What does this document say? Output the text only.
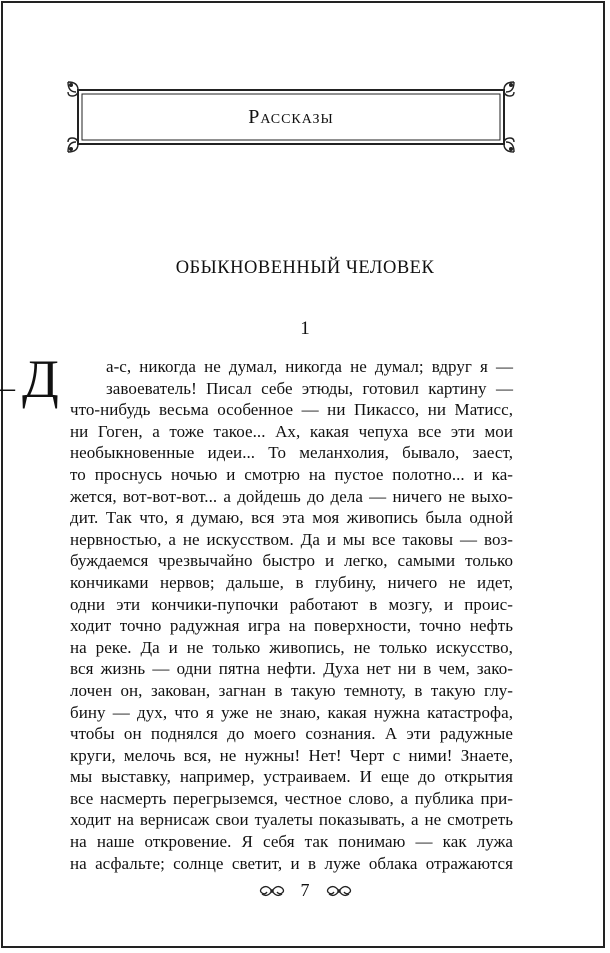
Рассказы
ОБЫКНОВЕННЫЙ ЧЕЛОВЕК
1
– Д	а-с, никогда не думал, никогда не думал; вдруг я —
завоеватель! Писал себе этюды, готовил картину —
что-нибудь весьма особенное — ни Пикассо, ни Матисс,
ни Гоген, а тоже такое... Ах, какая чепуха все эти мои
необыкновенные идеи... То меланхолия, бывало, заест,
то проснусь ночью и смотрю на пустое полотно... и ка-
жется, вот-вот-вот... а дойдешь до дела — ничего не выхо-
дит. Так что, я думаю, вся эта моя живопись была одной
нервностью, а не искусством. Да и мы все таковы — воз-
буждаемся чрезвычайно быстро и легко, самыми только
кончиками нервов; дальше, в глубину, ничего не идет,
одни эти кончики-пупочки работают в мозгу, и проис-
ходит точно радужная игра на поверхности, точно нефть
на реке. Да и не только живопись, не только искусство,
вся жизнь — одни пятна нефти. Духа нет ни в чем, зако-
лочен он, закован, загнан в такую темноту, в такую глу-
бину — дух, что я уже не знаю, какая нужна катастрофа,
чтобы он поднялся до моего сознания. А эти радужные
круги, мелочь вся, не нужны! Нет! Черт с ними! Знаете,
мы выставку, например, устраиваем. И еще до открытия
все насмерть перегрыземся, честное слово, а публика при-
ходит на вернисаж свои туалеты показывать, а не смотреть
на наше откровение. Я себя так понимаю — как лужа
на асфальте; солнце светит, и в луже облака отражаются
7
